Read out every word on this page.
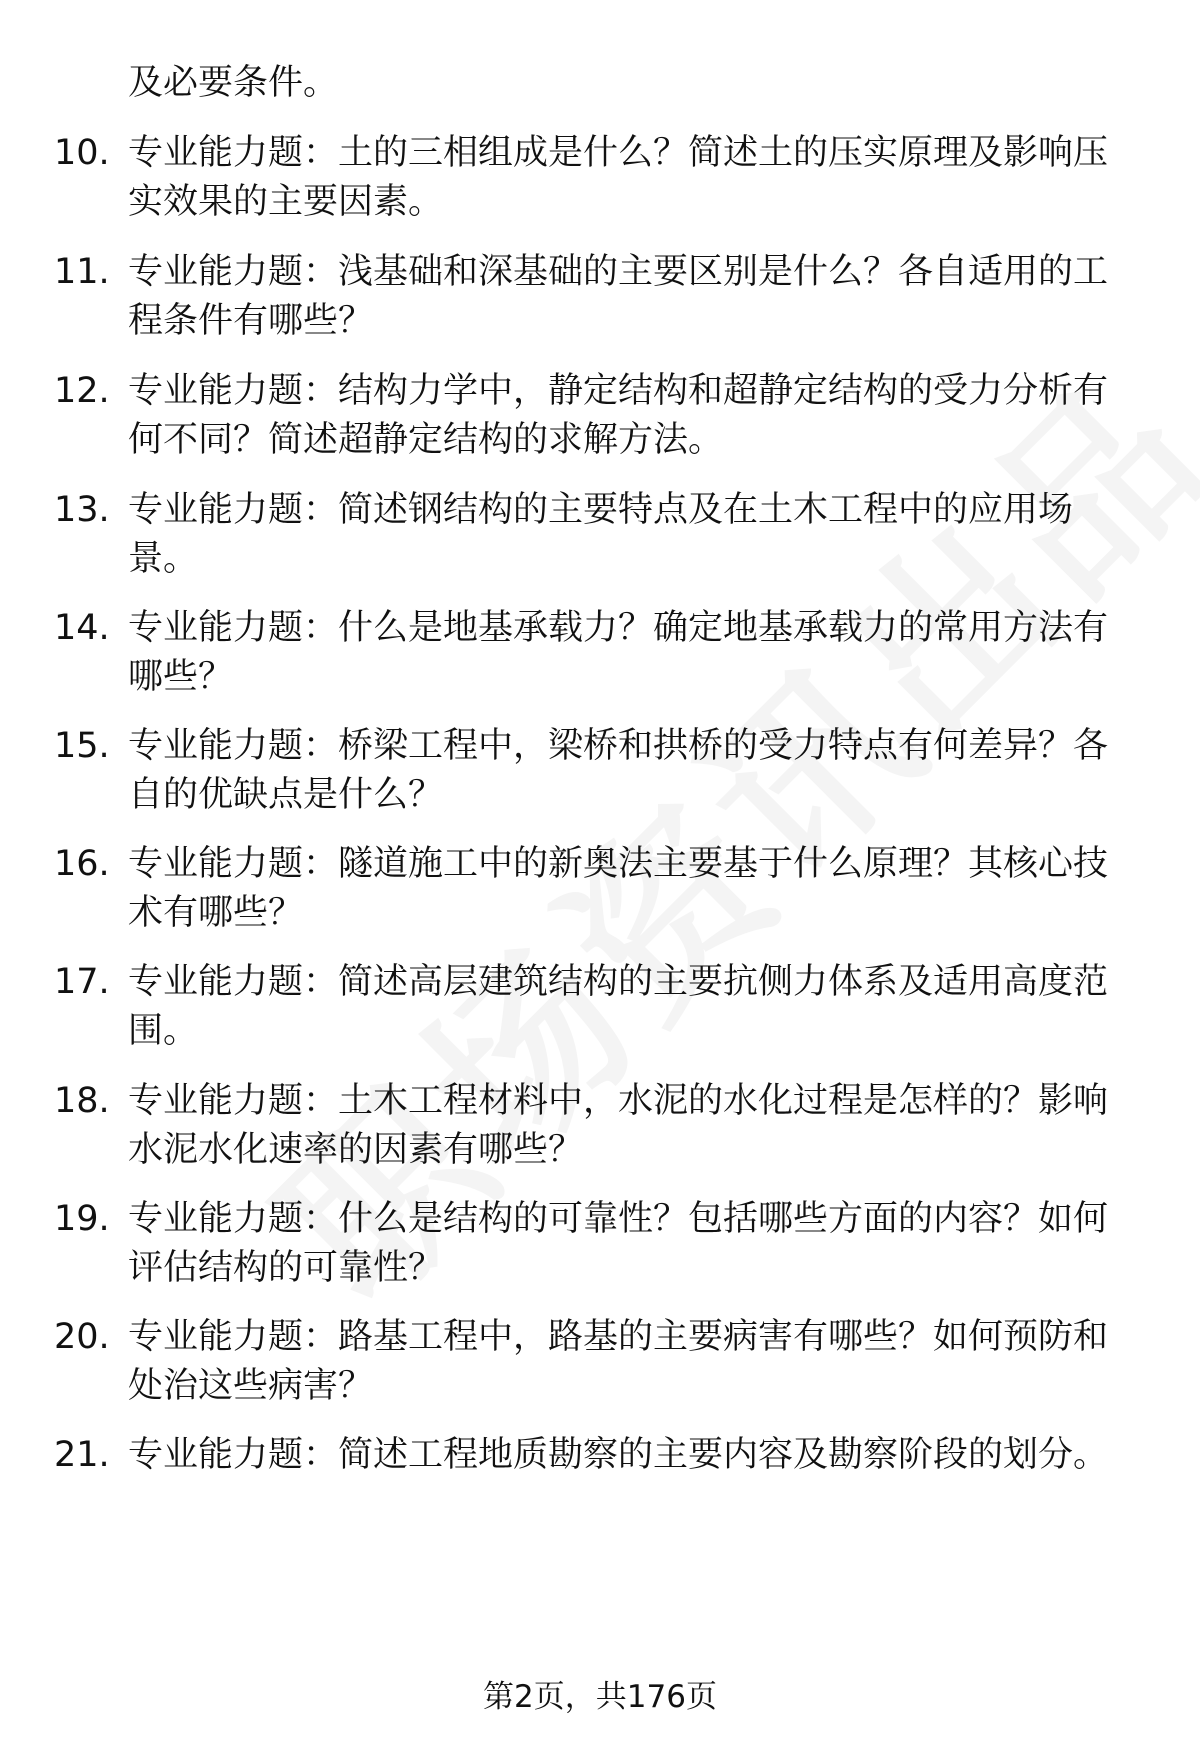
及必要条件。
10. 专业能力题：土的三相组成是什么？简述土的压实原理及影响压实效果的主要因素。
11. 专业能力题：浅基础和深基础的主要区别是什么？各自适用的工程条件有哪些？
12. 专业能力题：结构力学中，静定结构和超静定结构的受力分析有何不同？简述超静定结构的求解方法。
13. 专业能力题：简述钢结构的主要特点及在土木工程中的应用场景。
14. 专业能力题：什么是地基承载力？确定地基承载力的常用方法有哪些？
15. 专业能力题：桥梁工程中，梁桥和拱桥的受力特点有何差异？各自的优缺点是什么？
16. 专业能力题：隧道施工中的新奥法主要基于什么原理？其核心技术有哪些？
17. 专业能力题：简述高层建筑结构的主要抗侧力体系及适用高度范围。
18. 专业能力题：土木工程材料中，水泥的水化过程是怎样的？影响水泥水化速率的因素有哪些？
19. 专业能力题：什么是结构的可靠性？包括哪些方面的内容？如何评估结构的可靠性？
20. 专业能力题：路基工程中，路基的主要病害有哪些？如何预防和处治这些病害？
21. 专业能力题：简述工程地质勘察的主要内容及勘察阶段的划分。
第2页，共176页
